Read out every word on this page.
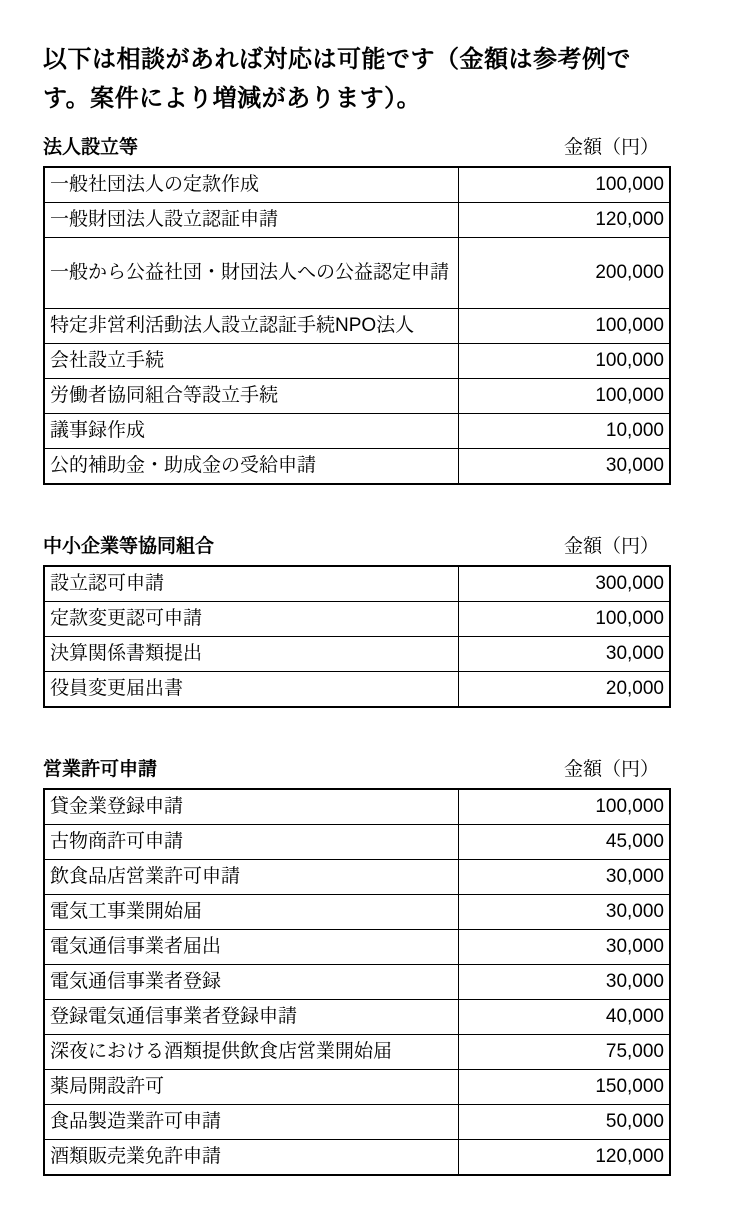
以下は相談があれば対応は可能です（金額は参考例です。案件により増減があります）。

法人設立等	金額（円）
一般社団法人の定款作成	100,000
一般財団法人設立認証申請	120,000
一般から公益社団・財団法人への公益認定申請	200,000
特定非営利活動法人設立認証手続NPO法人	100,000
会社設立手続	100,000
労働者協同組合等設立手続	100,000
議事録作成	10,000
公的補助金・助成金の受給申請	30,000
中小企業等協同組合	金額（円）
設立認可申請	300,000
定款変更認可申請	100,000
決算関係書類提出	30,000
役員変更届出書	20,000
営業許可申請	金額（円）
貸金業登録申請	100,000
古物商許可申請	45,000
飲食品店営業許可申請	30,000
電気工事業開始届	30,000
電気通信事業者届出	30,000
電気通信事業者登録	30,000
登録電気通信事業者登録申請	40,000
深夜における酒類提供飲食店営業開始届	75,000
薬局開設許可	150,000
食品製造業許可申請	50,000
酒類販売業免許申請	120,000
